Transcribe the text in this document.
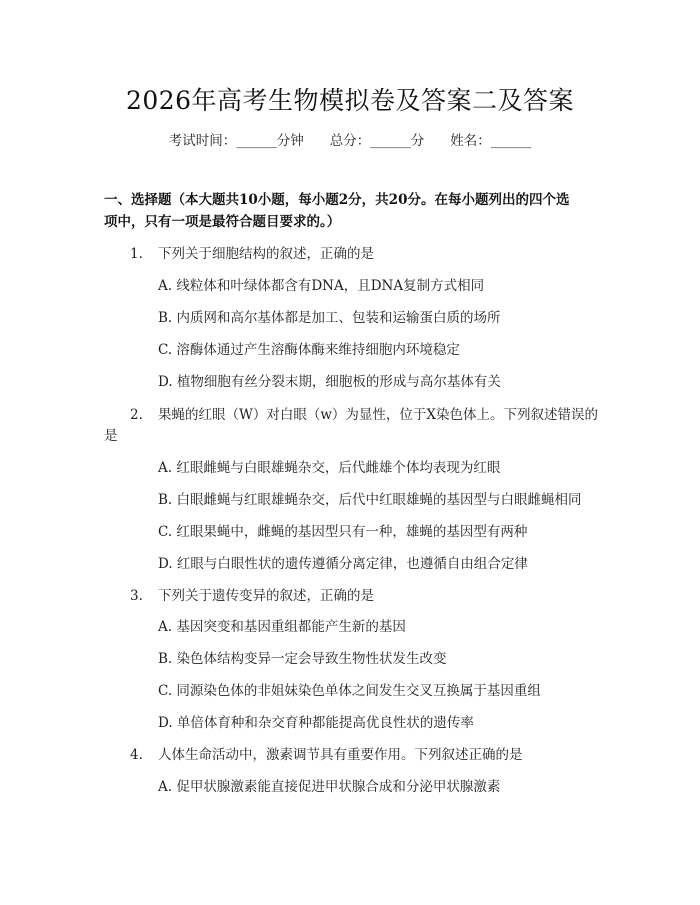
2026年高考生物模拟卷及答案二及答案
考试时间：______分钟 总分：______分 姓名：______
一、选择题（本大题共10小题，每小题2分，共20分。在每小题列出的四个选
项中，只有一项是最符合题目要求的。）
1. 下列关于细胞结构的叙述，正确的是
A. 线粒体和叶绿体都含有DNA，且DNA复制方式相同
B. 内质网和高尔基体都是加工、包装和运输蛋白质的场所
C. 溶酶体通过产生溶酶体酶来维持细胞内环境稳定
D. 植物细胞有丝分裂末期，细胞板的形成与高尔基体有关
2. 果蝇的红眼（W）对白眼（w）为显性，位于X染色体上。下列叙述错误的
是
A. 红眼雌蝇与白眼雄蝇杂交，后代雌雄个体均表现为红眼
B. 白眼雌蝇与红眼雄蝇杂交，后代中红眼雄蝇的基因型与白眼雌蝇相同
C. 红眼果蝇中，雌蝇的基因型只有一种，雄蝇的基因型有两种
D. 红眼与白眼性状的遗传遵循分离定律，也遵循自由组合定律
3. 下列关于遗传变异的叙述，正确的是
A. 基因突变和基因重组都能产生新的基因
B. 染色体结构变异一定会导致生物性状发生改变
C. 同源染色体的非姐妹染色单体之间发生交叉互换属于基因重组
D. 单倍体育种和杂交育种都能提高优良性状的遗传率
4. 人体生命活动中，激素调节具有重要作用。下列叙述正确的是
A. 促甲状腺激素能直接促进甲状腺合成和分泌甲状腺激素
